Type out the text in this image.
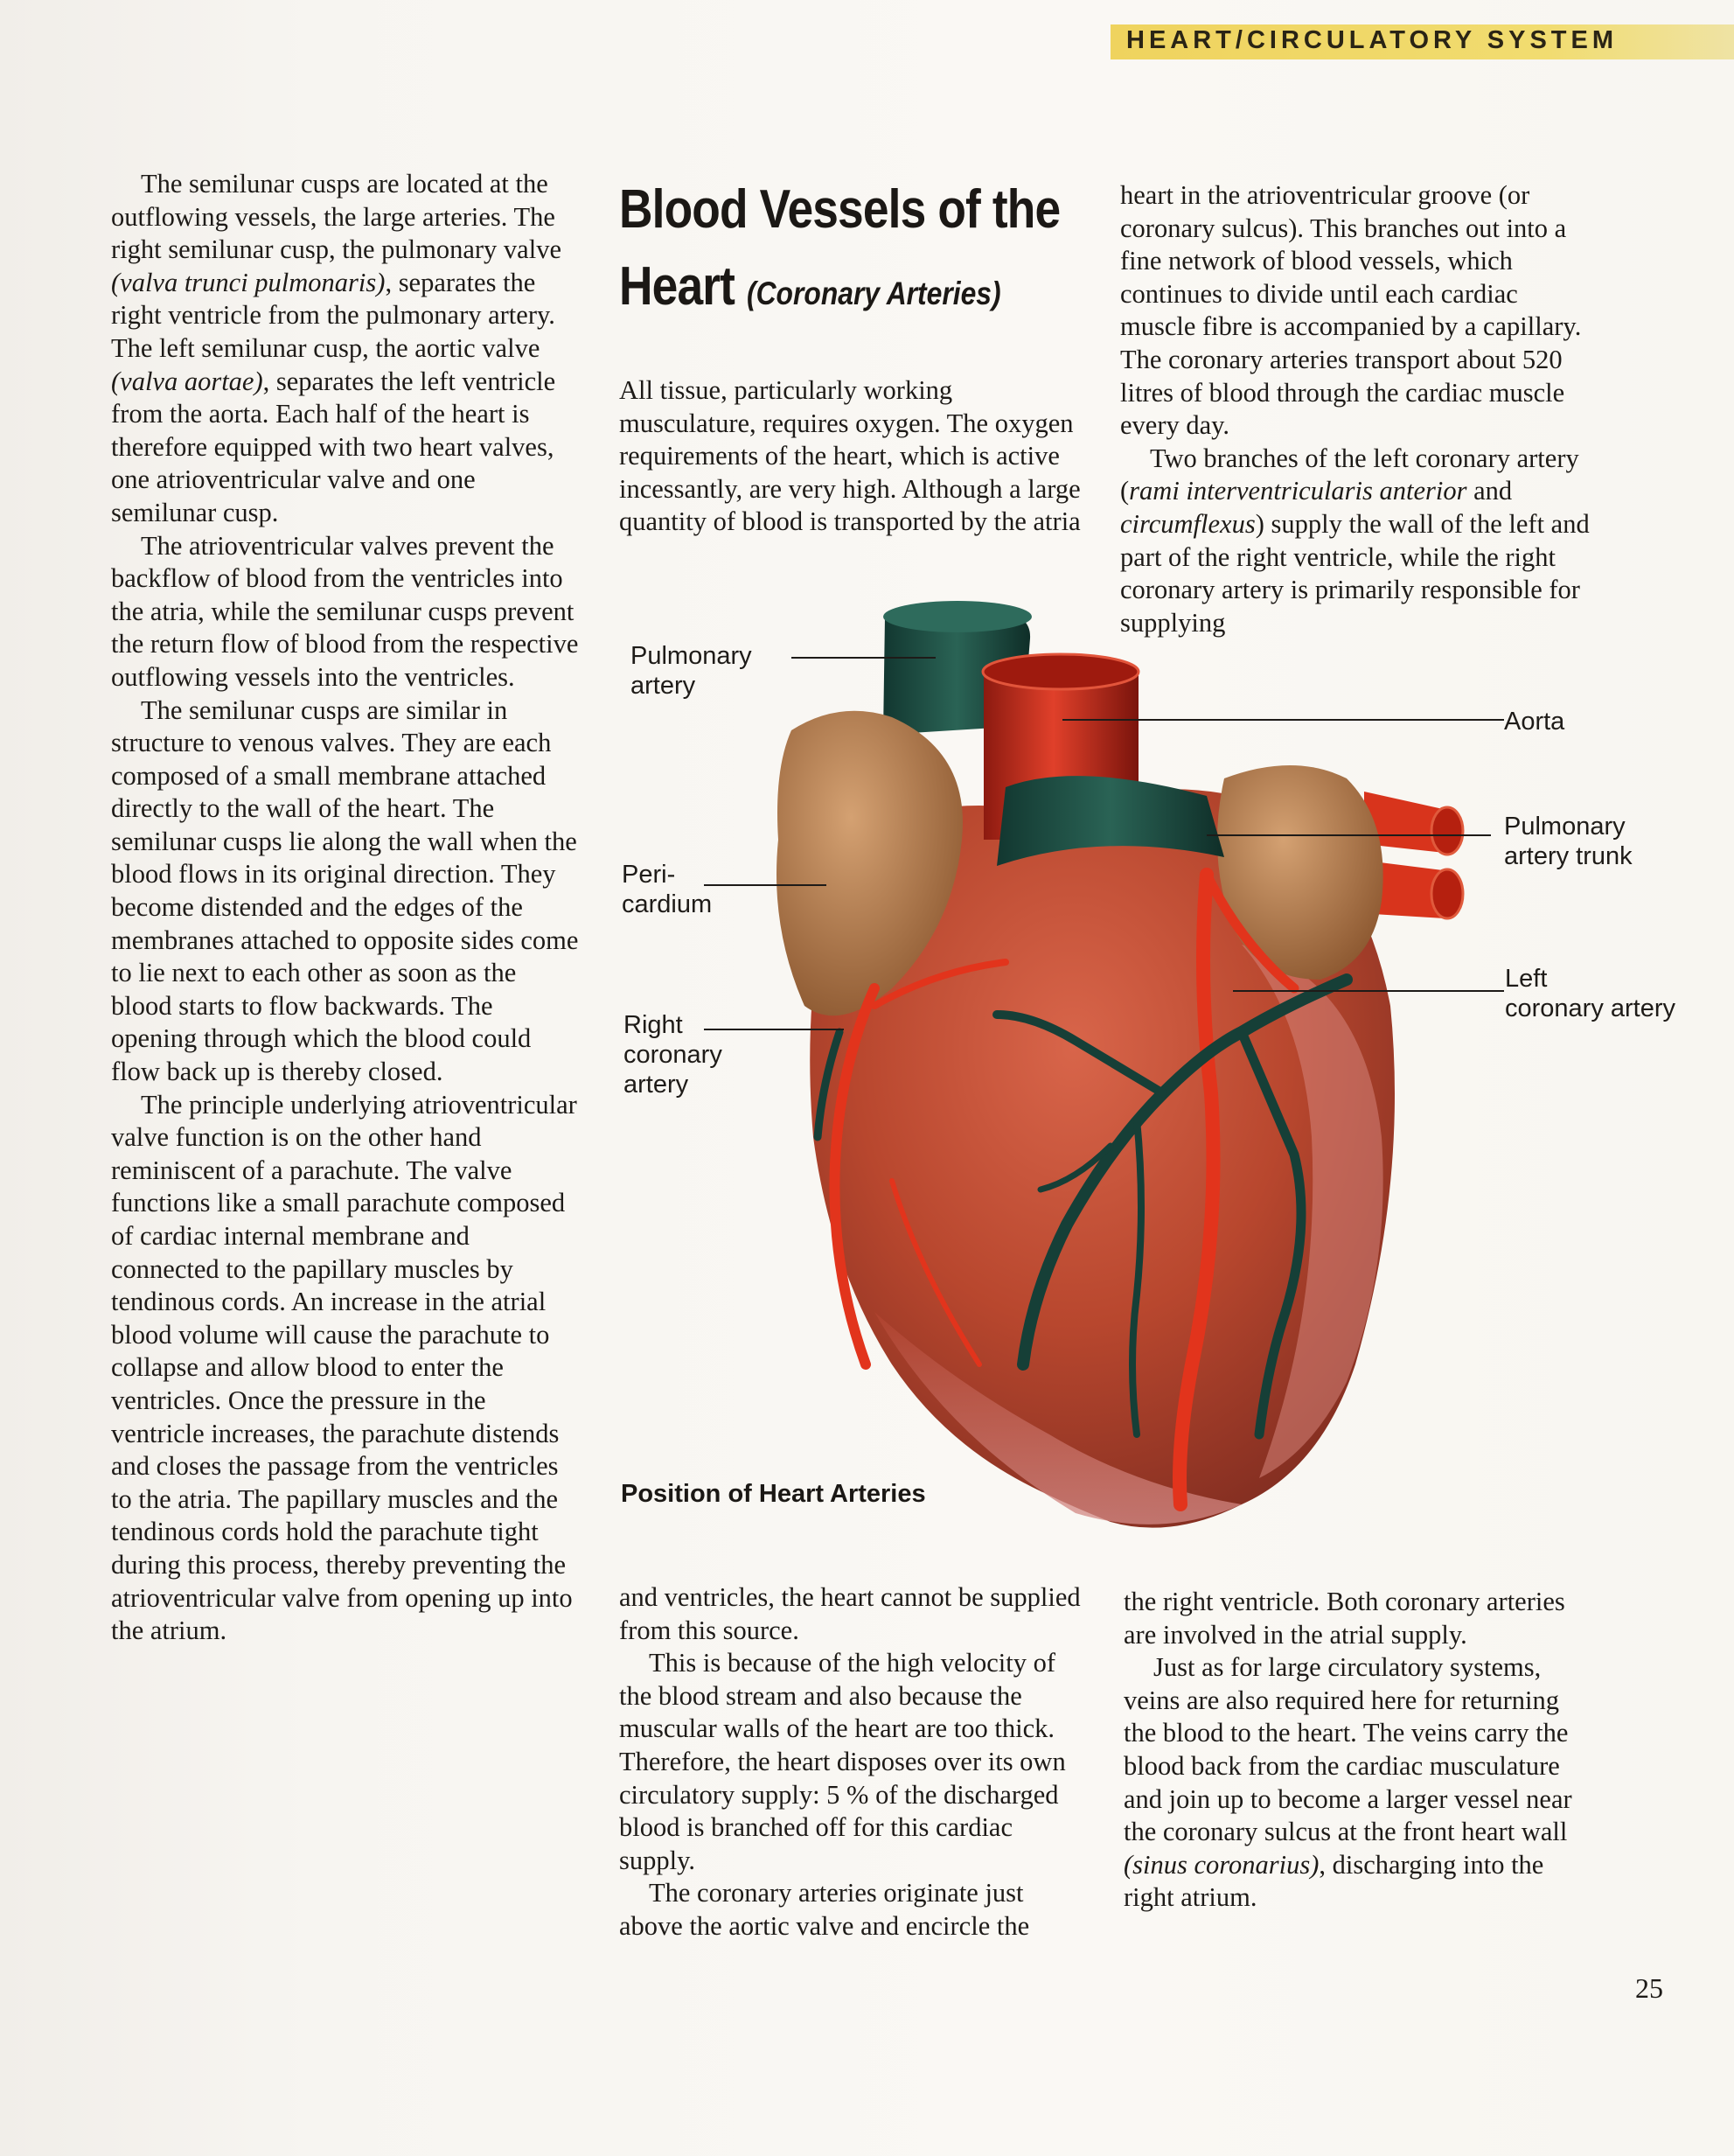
HEART/CIRCULATORY SYSTEM

The semilunar cusps are located at the outflowing vessels, the large arteries. The right semilunar cusp, the pulmonary valve (valva trunci pulmonaris), separates the right ventricle from the pulmonary artery. The left semilunar cusp, the aortic valve (valva aortae), separates the left ventricle from the aorta. Each half of the heart is therefore equipped with two heart valves, one atrioventricular valve and one semilunar cusp.

The atrioventricular valves prevent the backflow of blood from the ventricles into the atria, while the semilunar cusps prevent the return flow of blood from the respective outflowing vessels into the ventricles.

The semilunar cusps are similar in structure to venous valves. They are each composed of a small membrane attached directly to the wall of the heart. The semilunar cusps lie along the wall when the blood flows in its original direction. They become distended and the edges of the membranes attached to opposite sides come to lie next to each other as soon as the blood starts to flow backwards. The opening through which the blood could flow back up is thereby closed.

The principle underlying atrioventricular valve function is on the other hand reminiscent of a parachute. The valve functions like a small parachute composed of cardiac internal membrane and connected to the papillary muscles by tendinous cords. An increase in the atrial blood volume will cause the parachute to collapse and allow blood to enter the ventricles. Once the pressure in the ventricle increases, the parachute distends and closes the passage from the ventricles to the atria. The papillary muscles and the tendinous cords hold the parachute tight during this process, thereby preventing the atrioventricular valve from opening up into the atrium.

Blood Vessels of the
Heart (Coronary Arteries)

All tissue, particularly working musculature, requires oxygen. The oxygen requirements of the heart, which is active incessantly, are very high. Although a large quantity of blood is transported by the atria

heart in the atrioventricular groove (or coronary sulcus). This branches out into a fine network of blood vessels, which continues to divide until each cardiac muscle fibre is accompanied by a capillary. The coronary arteries transport about 520 litres of blood through the cardiac muscle every day.

Two branches of the left coronary artery (rami interventricularis anterior and circumflexus) supply the wall of the left and part of the right ventricle, while the right coronary artery is primarily responsible for supplying

Pulmonary
artery
Aorta
Pulmonary
artery trunk
Peri-
cardium
Left
coronary artery
Right
coronary
artery
Position of Heart Arteries

and ventricles, the heart cannot be supplied from this source.

This is because of the high velocity of the blood stream and also because the muscular walls of the heart are too thick. Therefore, the heart disposes over its own circulatory supply: 5 % of the discharged blood is branched off for this cardiac supply.

The coronary arteries originate just above the aortic valve and encircle the

the right ventricle. Both coronary arteries are involved in the atrial supply.

Just as for large circulatory systems, veins are also required here for returning the blood to the heart. The veins carry the blood back from the cardiac musculature and join up to become a larger vessel near the coronary sulcus at the front heart wall (sinus coronarius), discharging into the right atrium.

25
